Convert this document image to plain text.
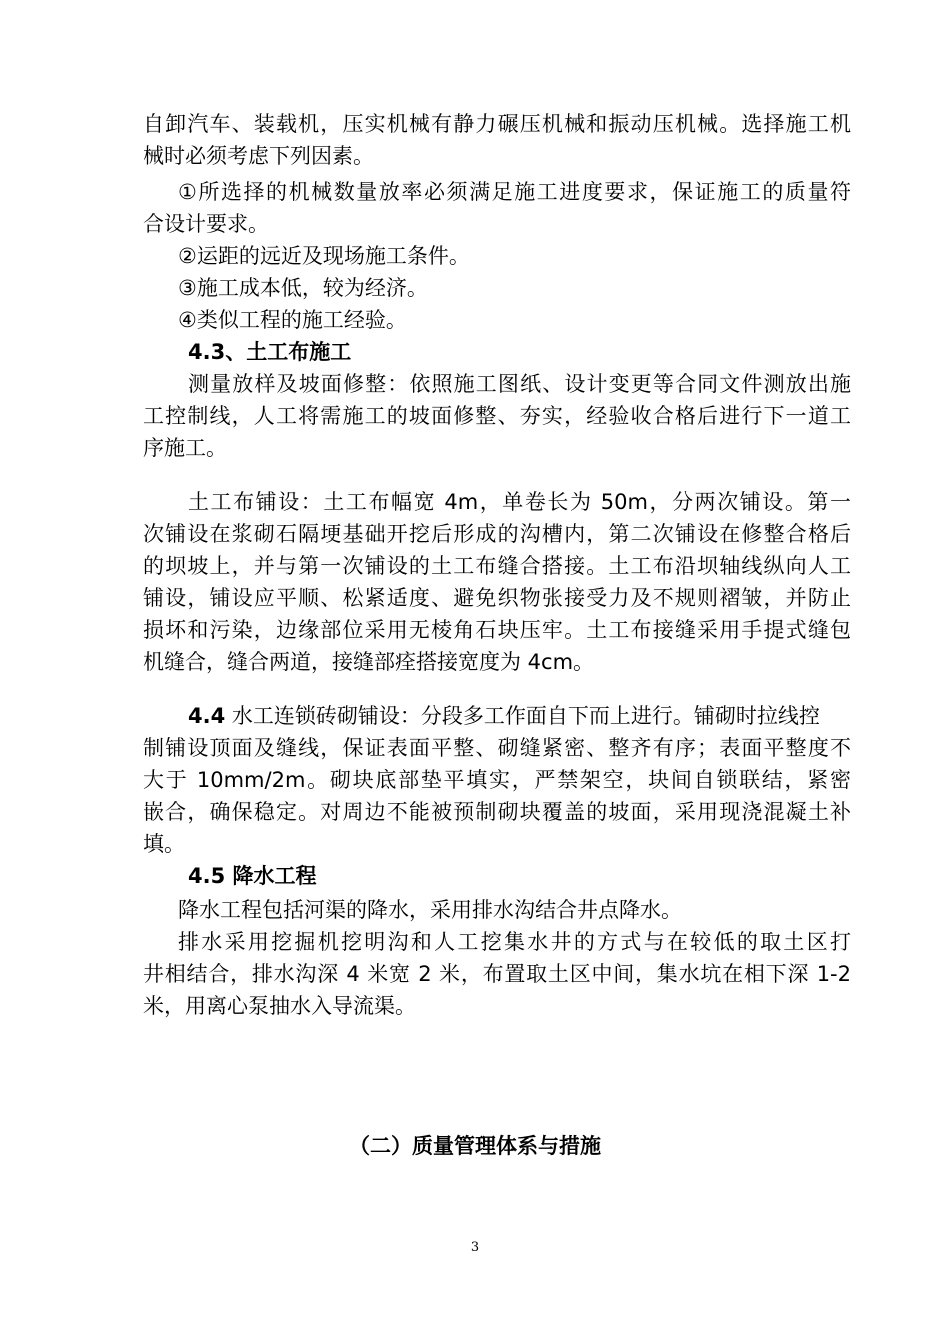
自卸汽车、装载机，压实机械有静力碾压机械和振动压机械。选择施工机
械时必须考虑下列因素。
①所选择的机械数量放率必须满足施工进度要求，保证施工的质量符
合设计要求。
②运距的远近及现场施工条件。
③施工成本低，较为经济。
④类似工程的施工经验。
4.3、土工布施工
测量放样及坡面修整：依照施工图纸、设计变更等合同文件测放出施
工控制线，人工将需施工的坡面修整、夯实，经验收合格后进行下一道工
序施工。
土工布铺设：土工布幅宽 4m，单卷长为 50m，分两次铺设。第一
次铺设在浆砌石隔埂基础开挖后形成的沟槽内，第二次铺设在修整合格后
的坝坡上，并与第一次铺设的土工布缝合搭接。土工布沿坝轴线纵向人工
铺设，铺设应平顺、松紧适度、避免织物张接受力及不规则褶皱，并防止
损坏和污染，边缘部位采用无棱角石块压牢。土工布接缝采用手提式缝包
机缝合，缝合两道，接缝部痊搭接宽度为 4cm。
4.4 水工连锁砖砌铺设：分段多工作面自下而上进行。铺砌时拉线控
制铺设顶面及缝线，保证表面平整、砌缝紧密、整齐有序；表面平整度不
大于 10mm/2m。砌块底部垫平填实，严禁架空，块间自锁联结，紧密
嵌合，确保稳定。对周边不能被预制砌块覆盖的坡面，采用现浇混凝土补
填。
4.5 降水工程
降水工程包括河渠的降水，采用排水沟结合井点降水。
排水采用挖掘机挖明沟和人工挖集水井的方式与在较低的取土区打
井相结合，排水沟深 4 米宽 2 米，布置取土区中间，集水坑在相下深 1-2
米，用离心泵抽水入导流渠。
（二）质量管理体系与措施
3
